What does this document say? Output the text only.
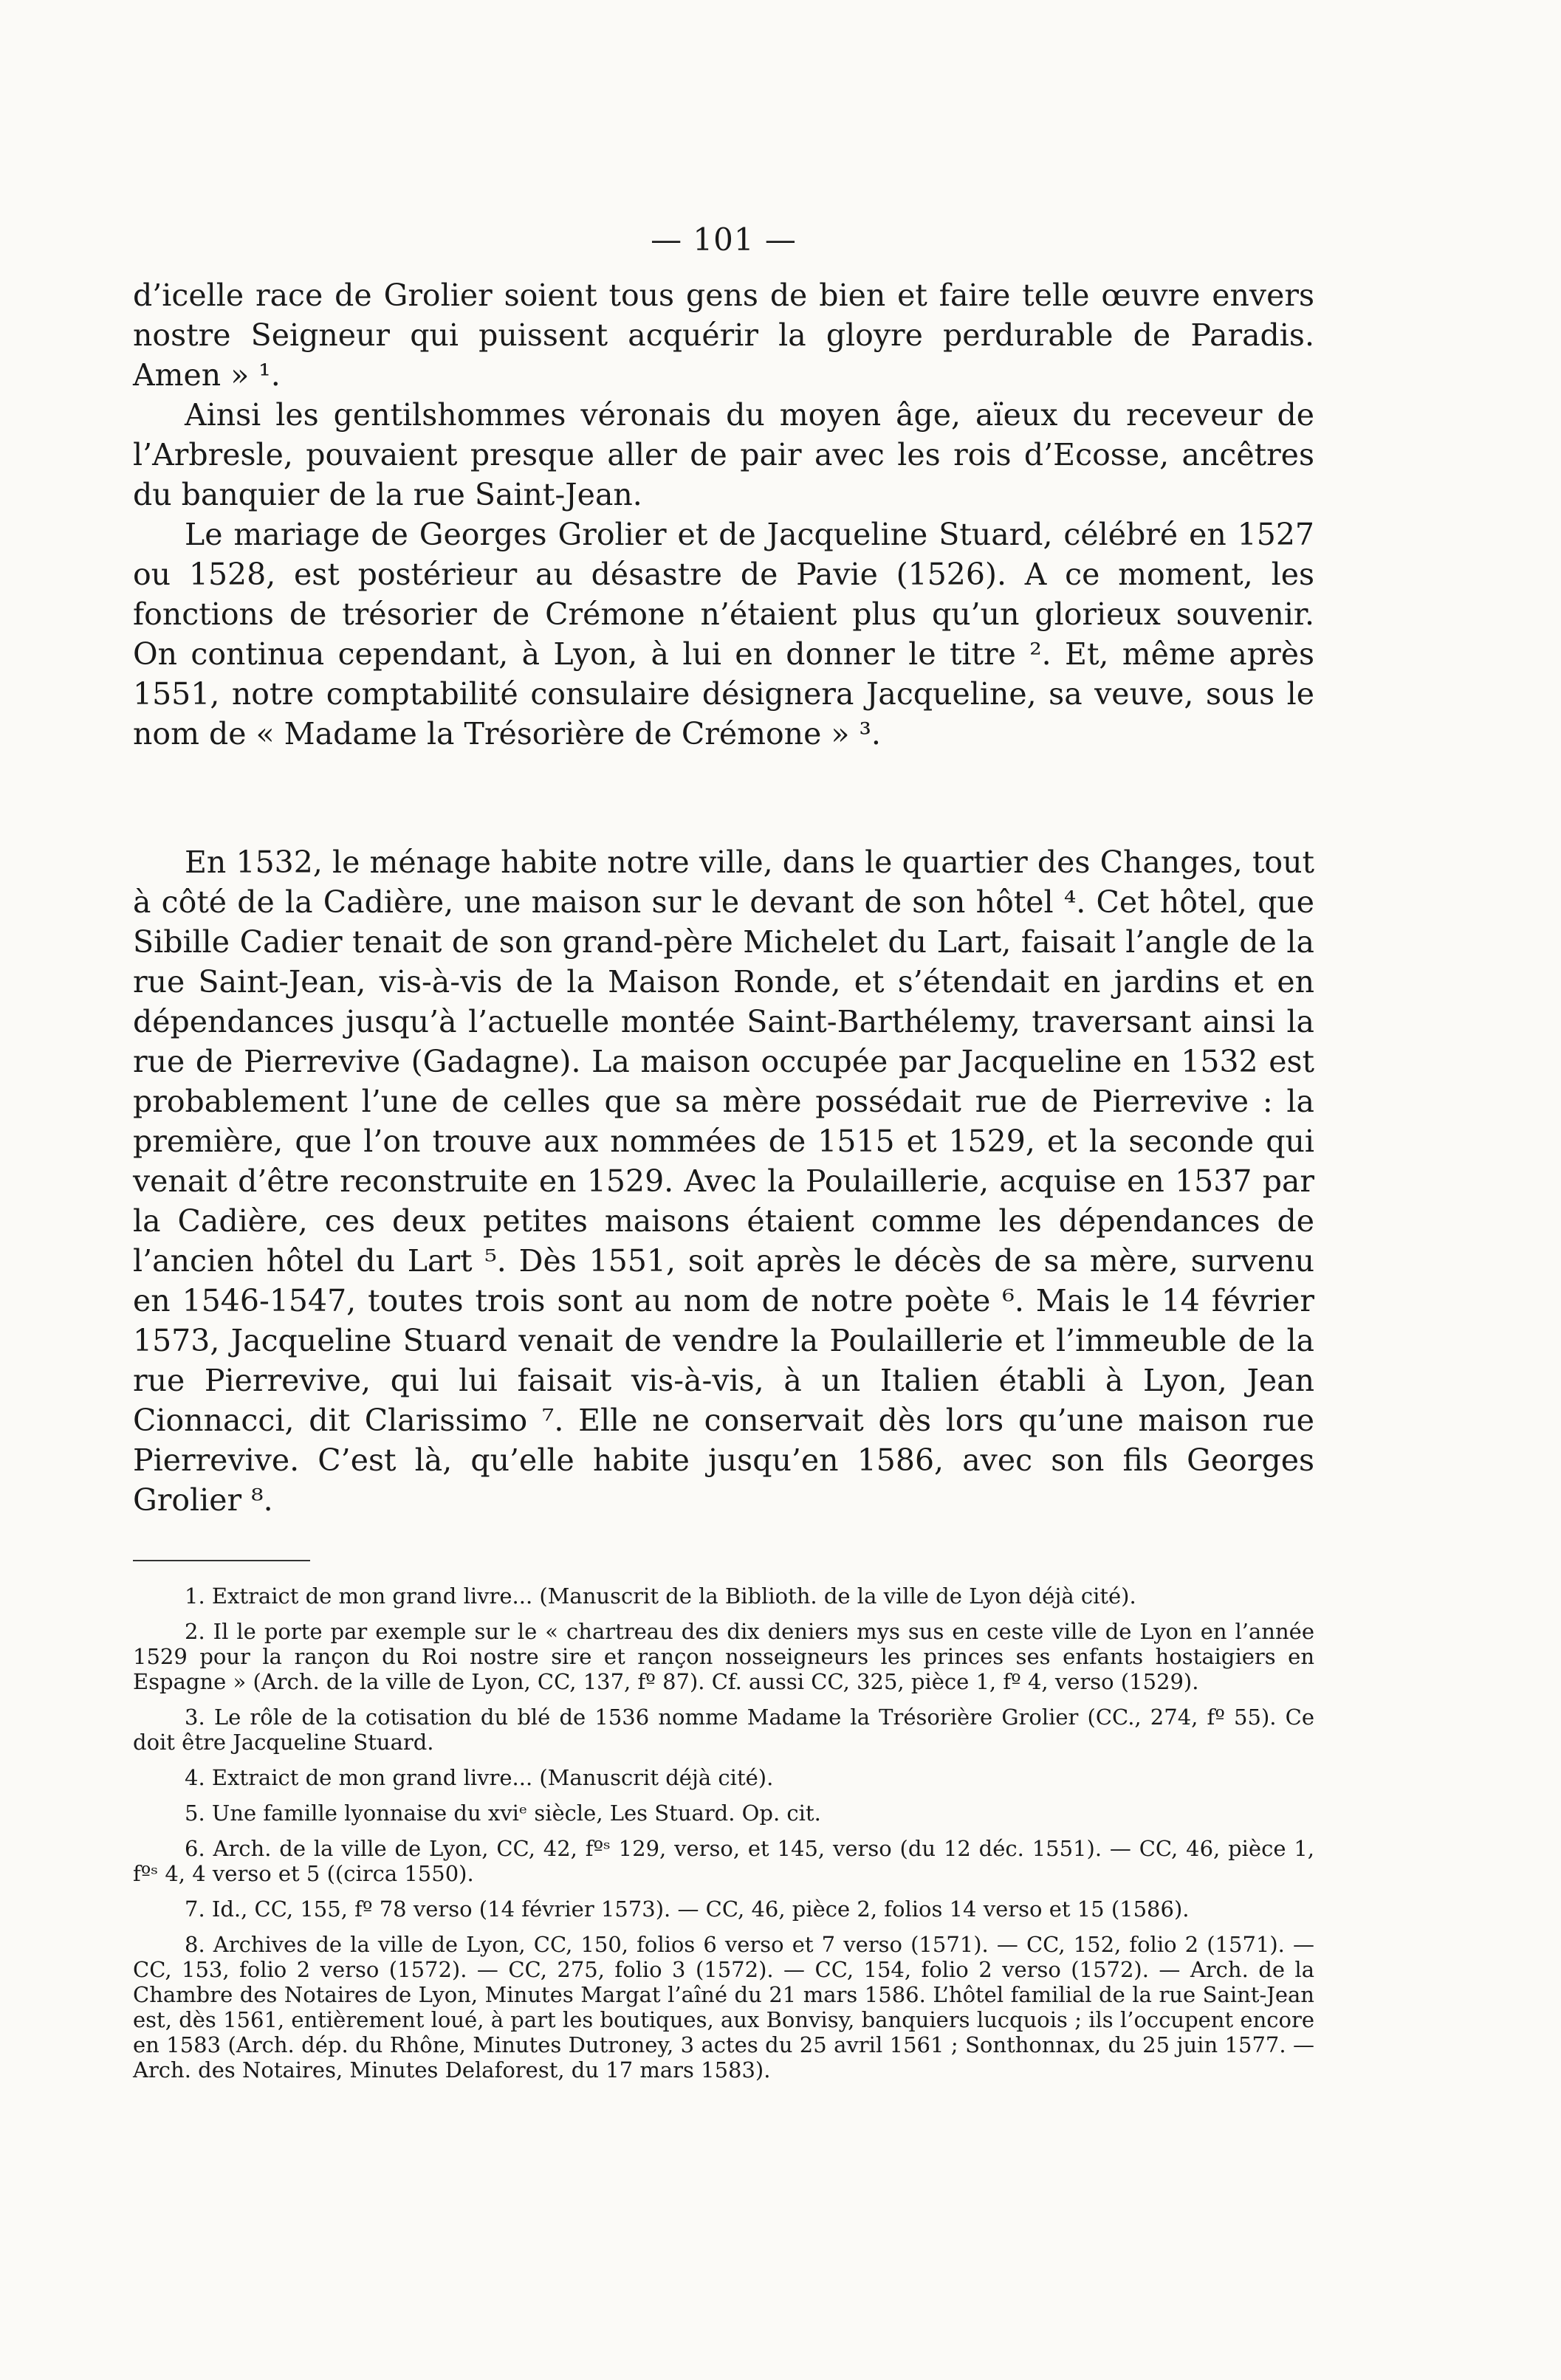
— 101 —

d’icelle race de Grolier soient tous gens de bien et faire telle œuvre envers nostre Seigneur qui puissent acquérir la gloyre perdurable de Paradis. Amen » ¹.

Ainsi les gentilshommes véronais du moyen âge, aïeux du receveur de l’Arbresle, pouvaient presque aller de pair avec les rois d’Ecosse, ancêtres du banquier de la rue Saint-Jean.

Le mariage de Georges Grolier et de Jacqueline Stuard, célébré en 1527 ou 1528, est postérieur au désastre de Pavie (1526). A ce moment, les fonctions de trésorier de Crémone n’étaient plus qu’un glorieux souvenir. On continua cependant, à Lyon, à lui en donner le titre ². Et, même après 1551, notre comptabilité consulaire désignera Jacqueline, sa veuve, sous le nom de « Madame la Trésorière de Crémone » ³.

En 1532, le ménage habite notre ville, dans le quartier des Changes, tout à côté de la Cadière, une maison sur le devant de son hôtel ⁴. Cet hôtel, que Sibille Cadier tenait de son grand-père Michelet du Lart, faisait l’angle de la rue Saint-Jean, vis-à-vis de la Maison Ronde, et s’étendait en jardins et en dépendances jusqu’à l’actuelle montée Saint-Barthélemy, traversant ainsi la rue de Pierrevive (Gadagne). La maison occupée par Jacqueline en 1532 est probablement l’une de celles que sa mère possédait rue de Pierrevive : la première, que l’on trouve aux nommées de 1515 et 1529, et la seconde qui venait d’être reconstruite en 1529. Avec la Poulaillerie, acquise en 1537 par la Cadière, ces deux petites maisons étaient comme les dépendances de l’ancien hôtel du Lart ⁵. Dès 1551, soit après le décès de sa mère, survenu en 1546-1547, toutes trois sont au nom de notre poète ⁶. Mais le 14 février 1573, Jacqueline Stuard venait de vendre la Poulaillerie et l’immeuble de la rue Pierrevive, qui lui faisait vis-à-vis, à un Italien établi à Lyon, Jean Cionnacci, dit Clarissimo ⁷. Elle ne conservait dès lors qu’une maison rue Pierrevive. C’est là, qu’elle habite jusqu’en 1586, avec son fils Georges Grolier ⁸.

1. Extraict de mon grand livre... (Manuscrit de la Biblioth. de la ville de Lyon déjà cité).

2. Il le porte par exemple sur le « chartreau des dix deniers mys sus en ceste ville de Lyon en l’année 1529 pour la rançon du Roi nostre sire et rançon nosseigneurs les princes ses enfants hostaigiers en Espagne » (Arch. de la ville de Lyon, CC, 137, fº 87). Cf. aussi CC, 325, pièce 1, fº 4, verso (1529).

3. Le rôle de la cotisation du blé de 1536 nomme Madame la Trésorière Grolier (CC., 274, fº 55). Ce doit être Jacqueline Stuard.

4. Extraict de mon grand livre... (Manuscrit déjà cité).

5. Une famille lyonnaise du xviᵉ siècle, Les Stuard. Op. cit.

6. Arch. de la ville de Lyon, CC, 42, fºˢ 129, verso, et 145, verso (du 12 déc. 1551). — CC, 46, pièce 1, fºˢ 4, 4 verso et 5 ((circa 1550).

7. Id., CC, 155, fº 78 verso (14 février 1573). — CC, 46, pièce 2, folios 14 verso et 15 (1586).

8. Archives de la ville de Lyon, CC, 150, folios 6 verso et 7 verso (1571). — CC, 152, folio 2 (1571). — CC, 153, folio 2 verso (1572). — CC, 275, folio 3 (1572). — CC, 154, folio 2 verso (1572). — Arch. de la Chambre des Notaires de Lyon, Minutes Margat l’aîné du 21 mars 1586. L’hôtel familial de la rue Saint-Jean est, dès 1561, entièrement loué, à part les boutiques, aux Bonvisy, banquiers lucquois ; ils l’occupent encore en 1583 (Arch. dép. du Rhône, Minutes Dutroney, 3 actes du 25 avril 1561 ; Sonthonnax, du 25 juin 1577. — Arch. des Notaires, Minutes Delaforest, du 17 mars 1583).
